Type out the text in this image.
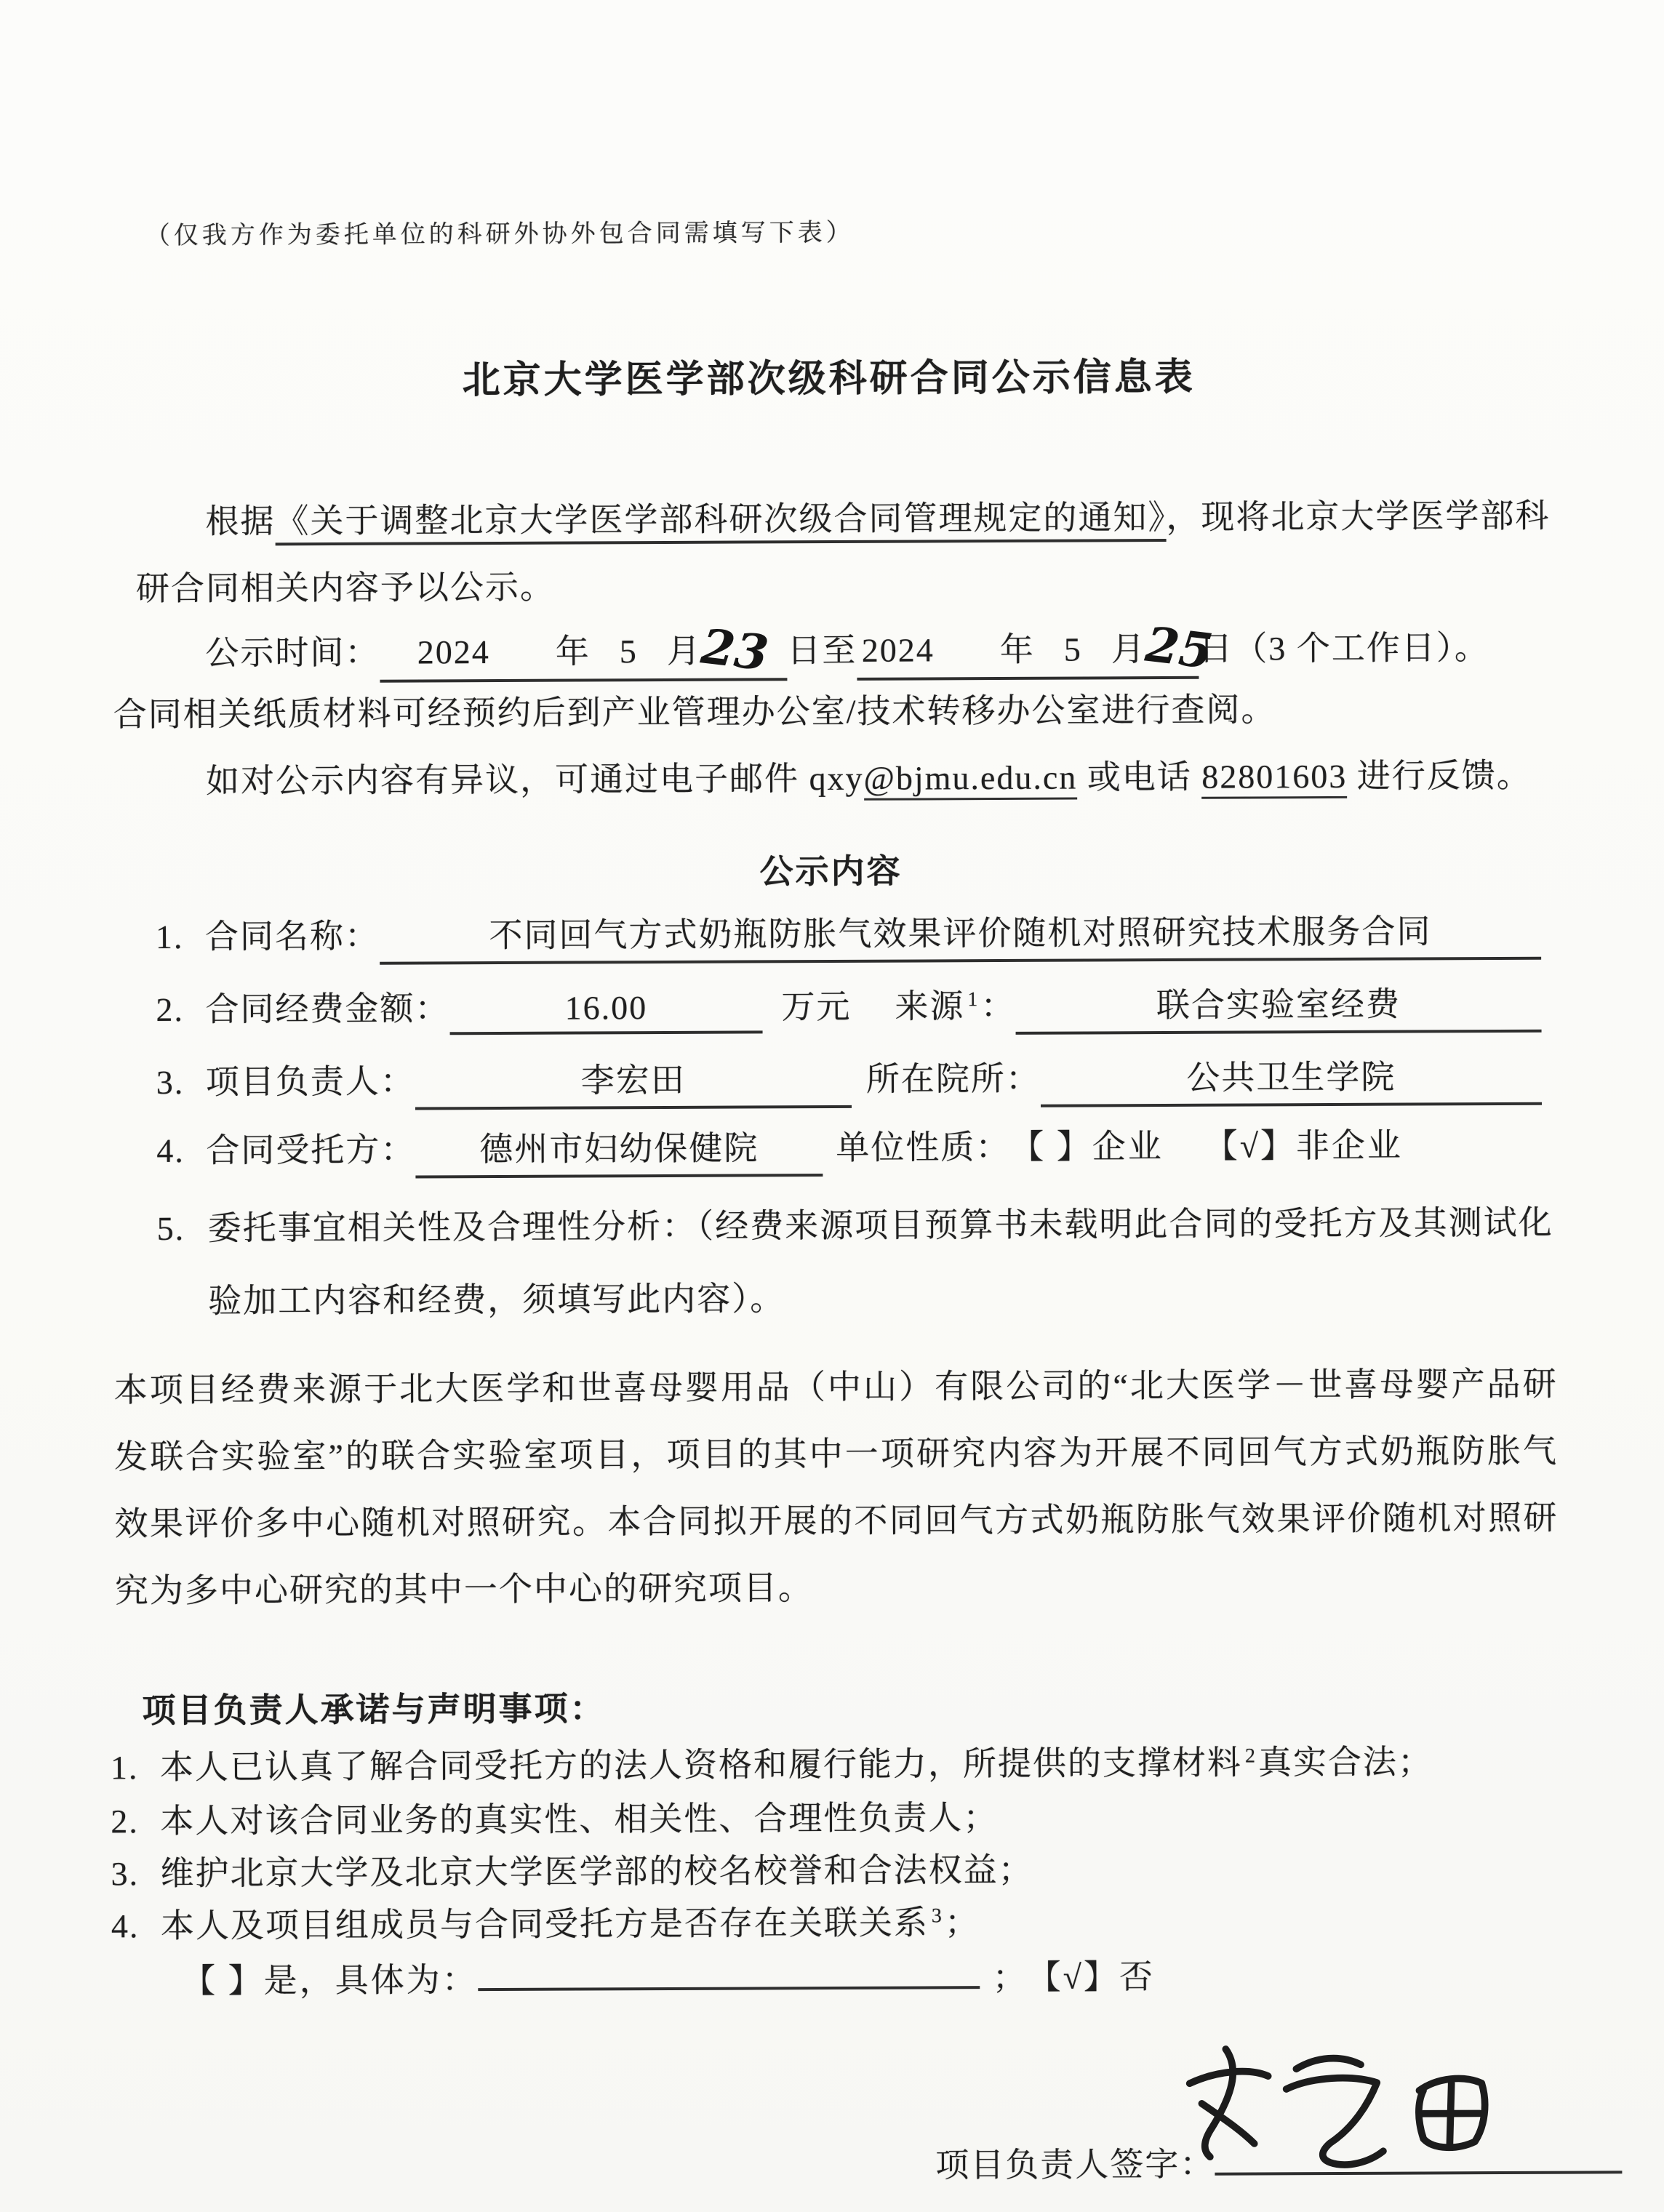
（仅我方作为委托单位的科研外协外包合同需填写下表）
北京大学医学部次级科研合同公示信息表
根据《关于调整北京大学医学部科研次级合同管理规定的通知》，现将北京大学医学部科研合同相关内容予以公示。
公示时间： 2024 年 5 月
23 日至 2024 年 5 月
25
日（3 个工作日）。
合同相关纸质材料可经预约后到产业管理办公室/技术转移办公室进行查阅。
如对公示内容有异议，可通过电子邮件 qxy@bjmu.edu.cn 或电话 82801603 进行反馈。
公示内容
1. 合同名称：	不同回气方式奶瓶防胀气效果评价随机对照研究技术服务合同
2. 合同经费金额：	16.00	万元 来源 $^1$：	联合实验室经费
3. 项目负责人：	李宏田	所在院所：	公共卫生学院
4. 合同受托方： 德州市妇幼保健院 单位性质： 【 】企业 【√】非企业
5. 委托事宜相关性及合理性分析：（经费来源项目预算书未载明此合同的受托方及其测试化验加工内容和经费，须填写此内容）。
本项目经费来源于北大医学和世喜母婴用品（中山）有限公司的“北大医学－世喜母婴产品研发联合实验室”的联合实验室项目，项目的其中一项研究内容为开展不同回气方式奶瓶防胀气效果评价多中心随机对照研究。本合同拟开展的不同回气方式奶瓶防胀气效果评价随机对照研究为多中心研究的其中一个中心的研究项目。
项目负责人承诺与声明事项：
1. 本人已认真了解合同受托方的法人资格和履行能力，所提供的支撑材料 $^2$真实合法；
2. 本人对该合同业务的真实性、相关性、合理性负责人；
3. 维护北京大学及北京大学医学部的校名校誉和合法权益；
4. 本人及项目组成员与合同受托方是否存在关联关系 $^3$；
【 】是，具体为：	； 【√】否
项目负责人签字：
